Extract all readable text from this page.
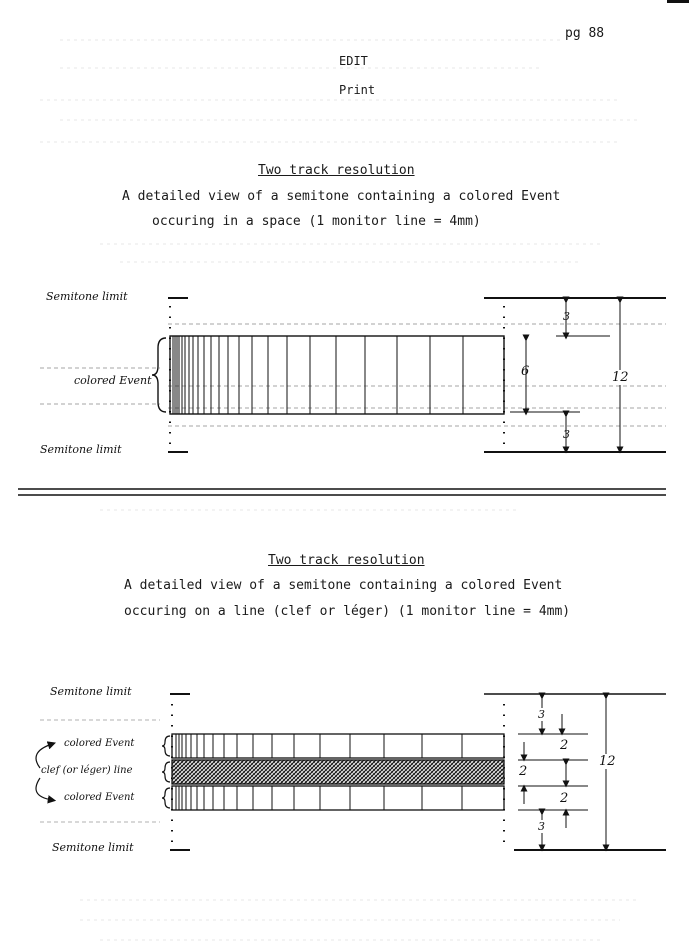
pg 88
EDIT
Print
Two track resolution
A detailed view of a semitone containing a colored Event
occuring in a space (1 monitor line = 4mm)
Two track resolution
A detailed view of a semitone containing a colored Event
occuring on a line (clef or léger) (1 monitor line = 4mm)
Semitone limit
colored Event
Semitone limit
3
6
3
12
Semitone limit
colored Event
clef (or léger) line
colored Event
Semitone limit
3
2
2
2
3
12
